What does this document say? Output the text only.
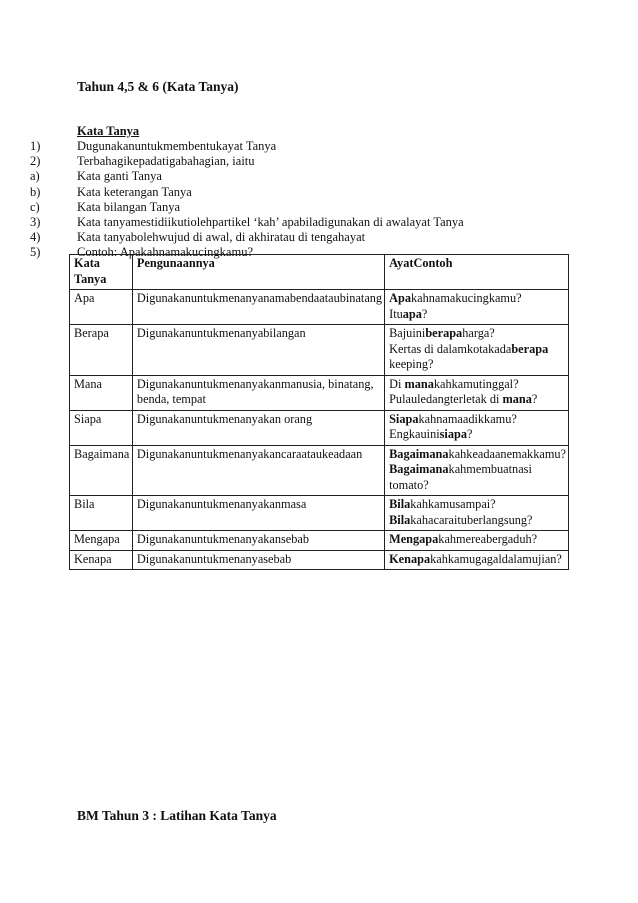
Tahun 4,5 & 6 (Kata Tanya)
Kata Tanya
1)	Dugunakanuntukmembentukayat Tanya
2)	Terbahagikepadatigabahagian, iaitu
a)	Kata ganti Tanya
b)	Kata keterangan Tanya
c)	Kata bilangan Tanya
3)	Kata tanyamestidiikutiolehpartikel ‘kah’ apabiladigunakan di awalayat Tanya
4)	Kata tanyabolehwujud di awal, di akhiratau di tengahayat
5)	Contoh: Apakahnamakucingkamu?
Kata Tanya	Pengunaannya	AyatContoh
Apa	Digunakanuntukmenanyanamabendaataubinatang	Apakahnamakucingkamu?
Ituapa?

Berapa	Digunakanuntukmenanyabilangan	Bajuiniberapaharga?
Kertas di dalamkotakadaberapa keeping?

Mana	Digunakanuntukmenanyakanmanusia, binatang, benda, tempat	Di manakahkamutinggal?
Pulauledangterletak di mana?

Siapa	Digunakanuntukmenanyakan orang	Siapakahnamaadikkamu?
Engkauinisiapa?

Bagaimana	Digunakanuntukmenanyakancaraataukeadaan	Bagaimanakahkeadaanemakkamu?
Bagaimanakahmembuatnasi tomato?

Bila	Digunakanuntukmenanyakanmasa	Bilakahkamusampai?
Bilakahacaraituberlangsung?

Mengapa	Digunakanuntukmenanyakansebab	Mengapakahmereabergaduh?

Kenapa	Digunakanuntukmenanyasebab	Kenapakahkamugagaldalamujian?
BM Tahun 3 : Latihan Kata Tanya
